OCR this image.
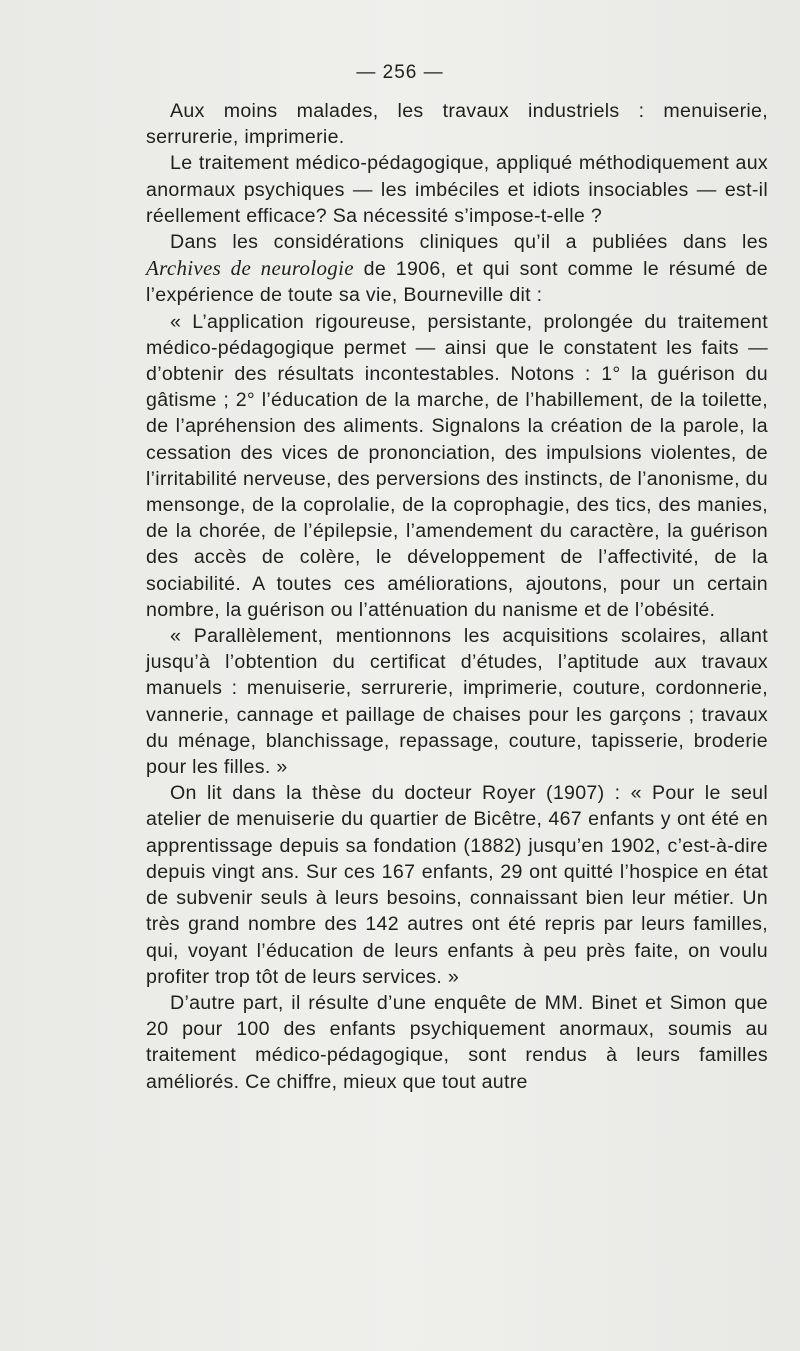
— 256 —

Aux moins malades, les travaux industriels : menuiserie, serrurerie, imprimerie.

Le traitement médico-pédagogique, appliqué méthodiquement aux anormaux psychiques — les imbéciles et idiots insociables — est-il réellement efficace? Sa nécessité s’impose-t-elle ?

Dans les considérations cliniques qu’il a publiées dans les Archives de neurologie de 1906, et qui sont comme le résumé de l’expérience de toute sa vie, Bourneville dit :

« L’application rigoureuse, persistante, prolongée du traitement médico-pédagogique permet — ainsi que le constatent les faits — d’obtenir des résultats incontestables. Notons : 1° la guérison du gâtisme ; 2° l’éducation de la marche, de l’habillement, de la toilette, de l’apréhension des aliments. Signalons la création de la parole, la cessation des vices de prononciation, des impulsions violentes, de l’irritabilité nerveuse, des perversions des instincts, de l’anonisme, du mensonge, de la coprolalie, de la coprophagie, des tics, des manies, de la chorée, de l’épilepsie, l’amendement du caractère, la guérison des accès de colère, le développement de l’affectivité, de la sociabilité. A toutes ces améliorations, ajoutons, pour un certain nombre, la guérison ou l’atténuation du nanisme et de l’obésité.

« Parallèlement, mentionnons les acquisitions scolaires, allant jusqu’à l’obtention du certificat d’études, l’aptitude aux travaux manuels : menuiserie, serrurerie, imprimerie, couture, cordonnerie, vannerie, cannage et paillage de chaises pour les garçons ; travaux du ménage, blanchissage, repassage, couture, tapisserie, broderie pour les filles. »

On lit dans la thèse du docteur Royer (1907) : « Pour le seul atelier de menuiserie du quartier de Bicêtre, 467 enfants y ont été en apprentissage depuis sa fondation (1882) jusqu’en 1902, c’est-à-dire depuis vingt ans. Sur ces 167 enfants, 29 ont quitté l’hospice en état de subvenir seuls à leurs besoins, connaissant bien leur métier. Un très grand nombre des 142 autres ont été repris par leurs familles, qui, voyant l’éducation de leurs enfants à peu près faite, on voulu profiter trop tôt de leurs services. »

D’autre part, il résulte d’une enquête de MM. Binet et Simon que 20 pour 100 des enfants psychiquement anormaux, soumis au traitement médico-pédagogique, sont rendus à leurs familles améliorés. Ce chiffre, mieux que tout autre
